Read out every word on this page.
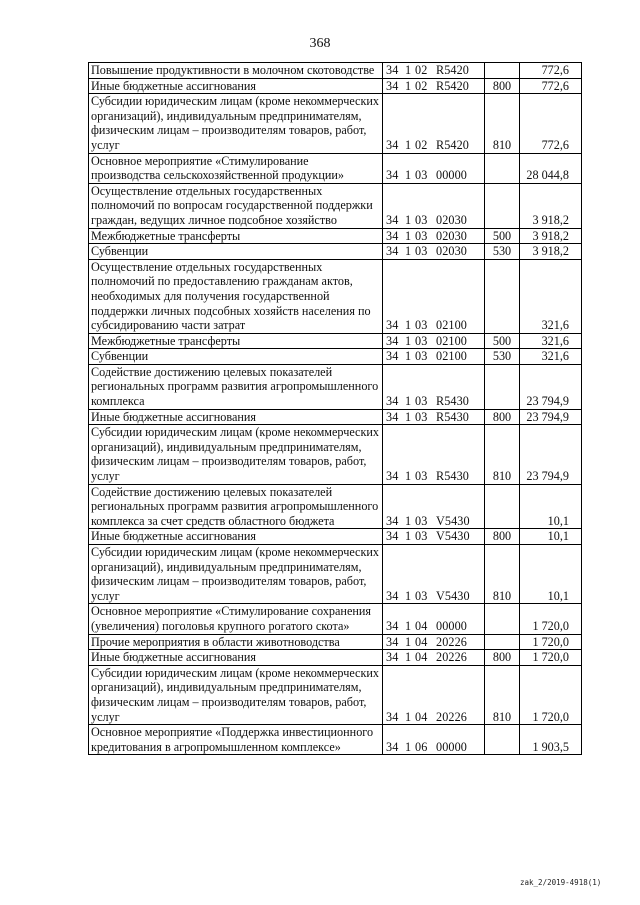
368
Повышение продуктивности в молочном скотоводстве	34 1 02 R5420		772,6
Иные бюджетные ассигнования	34 1 02 R5420	800	772,6
Субсидии юридическим лицам (кроме некоммерческих организаций), индивидуальным предпринимателям, физическим лицам – производителям товаров, работ, услуг	34 1 02 R5420	810	772,6
Основное мероприятие «Стимулирование производства сельскохозяйственной продукции»	34 1 03 00000		28 044,8
Осуществление отдельных государственных полномочий по вопросам государственной поддержки граждан, ведущих личное подсобное хозяйство	34 1 03 02030		3 918,2
Межбюджетные трансферты	34 1 03 02030	500	3 918,2
Субвенции	34 1 03 02030	530	3 918,2
Осуществление отдельных государственных полномочий по предоставлению гражданам актов, необходимых для получения государственной поддержки личных подсобных хозяйств населения по субсидированию части затрат	34 1 03 02100		321,6
Межбюджетные трансферты	34 1 03 02100	500	321,6
Субвенции	34 1 03 02100	530	321,6
Содействие достижению целевых показателей региональных программ развития агропромышленного комплекса	34 1 03 R5430		23 794,9
Иные бюджетные ассигнования	34 1 03 R5430	800	23 794,9
Субсидии юридическим лицам (кроме некоммерческих организаций), индивидуальным предпринимателям, физическим лицам – производителям товаров, работ, услуг	34 1 03 R5430	810	23 794,9
Содействие достижению целевых показателей региональных программ развития агропромышленного комплекса за счет средств областного бюджета	34 1 03 V5430		10,1
Иные бюджетные ассигнования	34 1 03 V5430	800	10,1
Субсидии юридическим лицам (кроме некоммерческих организаций), индивидуальным предпринимателям, физическим лицам – производителям товаров, работ, услуг	34 1 03 V5430	810	10,1
Основное мероприятие «Стимулирование сохранения (увеличения) поголовья крупного рогатого скота»	34 1 04 00000		1 720,0
Прочие мероприятия в области животноводства	34 1 04 20226		1 720,0
Иные бюджетные ассигнования	34 1 04 20226	800	1 720,0
Субсидии юридическим лицам (кроме некоммерческих организаций), индивидуальным предпринимателям, физическим лицам – производителям товаров, работ, услуг	34 1 04 20226	810	1 720,0
Основное мероприятие «Поддержка инвестиционного кредитования в агропромышленном комплексе»	34 1 06 00000		1 903,5
zak_2/2019-4918(1)
